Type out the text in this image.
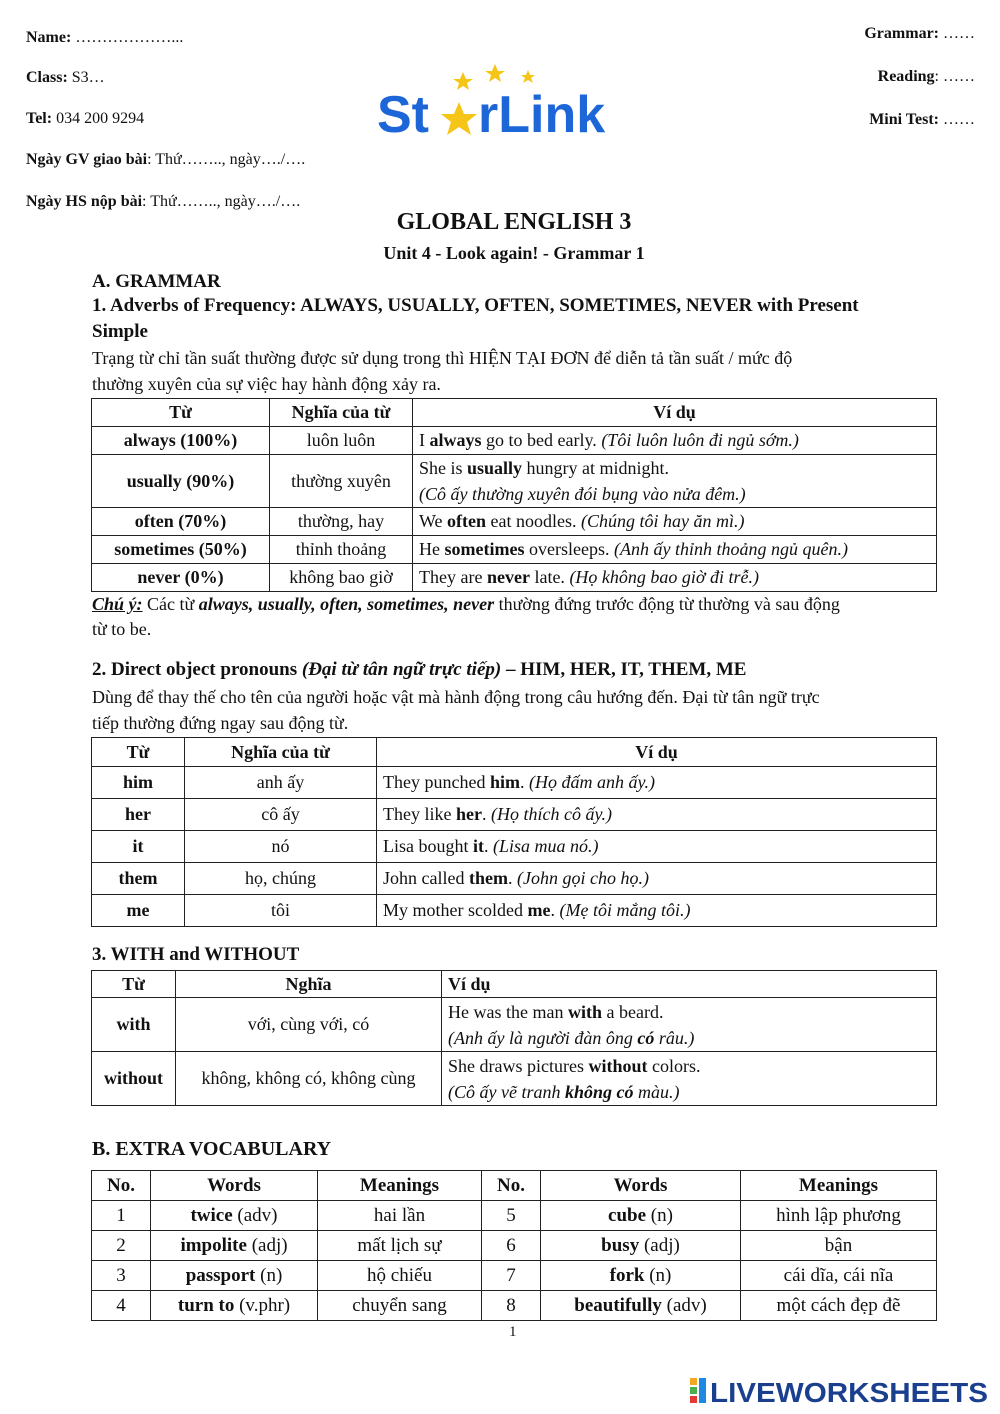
Name: ………………...
Class: S3…
Tel: 034 200 9294
Ngày GV giao bài: Thứ…….., ngày…./….
Ngày HS nộp bài: Thứ…….., ngày…./….
Grammar: ……
Reading: ……
Mini Test: ……
St rLink
GLOBAL ENGLISH 3
Unit 4 - Look again! - Grammar 1
A. GRAMMAR
1. Adverbs of Frequency: ALWAYS, USUALLY, OFTEN, SOMETIMES, NEVER with Present
Simple
Trạng từ chỉ tần suất thường được sử dụng trong thì HIỆN TẠI ĐƠN để diễn tả tần suất / mức độ
thường xuyên của sự việc hay hành động xảy ra.
Từ	Nghĩa của từ	Ví dụ
always (100%)	luôn luôn	I always go to bed early. (Tôi luôn luôn đi ngủ sớm.)
usually (90%)	thường xuyên	She is usually hungry at midnight.
(Cô ấy thường xuyên đói bụng vào nửa đêm.)
often (70%)	thường, hay	We often eat noodles. (Chúng tôi hay ăn mì.)
sometimes (50%)	thỉnh thoảng	He sometimes oversleeps. (Anh ấy thỉnh thoảng ngủ quên.)
never (0%)	không bao giờ	They are never late. (Họ không bao giờ đi trễ.)
Chú ý: Các từ always, usually, often, sometimes, never thường đứng trước động từ thường và sau động
từ to be.
2. Direct object pronouns (Đại từ tân ngữ trực tiếp) – HIM, HER, IT, THEM, ME
Dùng để thay thế cho tên của người hoặc vật mà hành động trong câu hướng đến. Đại từ tân ngữ trực
tiếp thường đứng ngay sau động từ.
Từ	Nghĩa của từ	Ví dụ
him	anh ấy	They punched him. (Họ đấm anh ấy.)
her	cô ấy	They like her. (Họ thích cô ấy.)
it	nó	Lisa bought it. (Lisa mua nó.)
them	họ, chúng	John called them. (John gọi cho họ.)
me	tôi	My mother scolded me. (Mẹ tôi mắng tôi.)
3. WITH and WITHOUT
Từ	Nghĩa	Ví dụ
with	với, cùng với, có	He was the man with a beard.
(Anh ấy là người đàn ông có râu.)
without	không, không có, không cùng	She draws pictures without colors.
(Cô ấy vẽ tranh không có màu.)
B. EXTRA VOCABULARY
No.	Words	Meanings	No.	Words	Meanings
1	twice (adv)	hai lần	5	cube (n)	hình lập phương
2	impolite (adj)	mất lịch sự	6	busy (adj)	bận
3	passport (n)	hộ chiếu	7	fork (n)	cái dĩa, cái nĩa
4	turn to (v.phr)	chuyển sang	8	beautifully (adv)	một cách đẹp đẽ
1
LIVEWORKSHEETS
